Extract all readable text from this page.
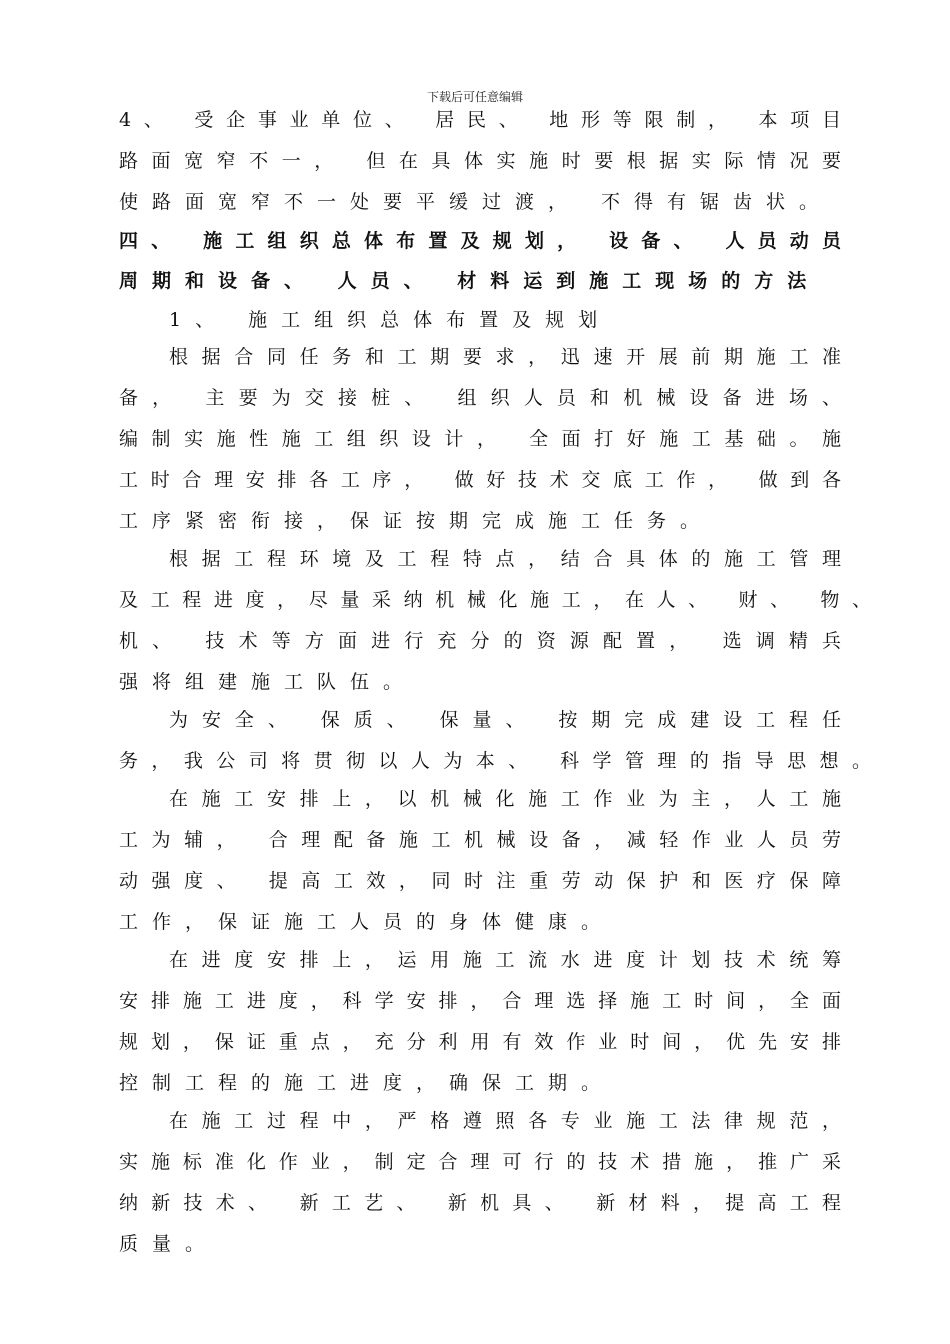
下载后可任意编辑
4、 受企事业单位、 居民、 地形等限制， 本项目
路面宽窄不一， 但在具体实施时要根据实际情况要
使路面宽窄不一处要平缓过渡， 不得有锯齿状。
四、 施工组织总体布置及规划， 设备、 人员动员
周期和设备、 人员、 材料运到施工现场的方法
1、 施工组织总体布置及规划
根据合同任务和工期要求，迅速开展前期施工准
备， 主要为交接桩、 组织人员和机械设备进场、
编制实施性施工组织设计， 全面打好施工基础。施
工时合理安排各工序， 做好技术交底工作， 做到各
工序紧密衔接，保证按期完成施工任务。
根据工程环境及工程特点，结合具体的施工管理
及工程进度，尽量采纳机械化施工，在人、 财、 物、
机、 技术等方面进行充分的资源配置， 选调精兵
强将组建施工队伍。
为安全、 保质、 保量、 按期完成建设工程任
务，我公司将贯彻以人为本、 科学管理的指导思想。
在施工安排上，以机械化施工作业为主，人工施
工为辅， 合理配备施工机械设备，减轻作业人员劳
动强度、 提高工效，同时注重劳动保护和医疗保障
工作，保证施工人员的身体健康。
在进度安排上，运用施工流水进度计划技术统筹
安排施工进度，科学安排，合理选择施工时间，全面
规划，保证重点，充分利用有效作业时间，优先安排
控制工程的施工进度，确保工期。
在施工过程中，严格遵照各专业施工法律规范，
实施标准化作业，制定合理可行的技术措施，推广采
纳新技术、 新工艺、 新机具、 新材料，提高工程
质量。
